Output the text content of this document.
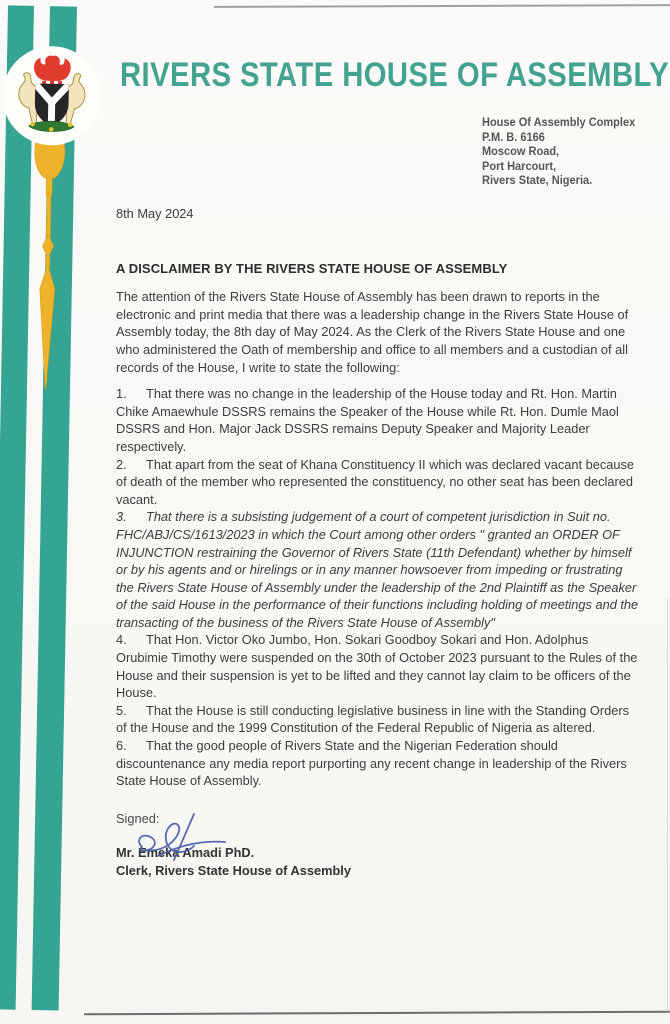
RIVERS STATE HOUSE OF ASSEMBLY
House Of Assembly Complex
P.M. B. 6166
Moscow Road,
Port Harcourt,
Rivers State, Nigeria.
8th May 2024
A DISCLAIMER BY THE RIVERS STATE HOUSE OF ASSEMBLY

The attention of the Rivers State House of Assembly has been drawn to reports in the electronic and print media that there was a leadership change in the Rivers State House of Assembly today, the 8th day of May 2024. As the Clerk of the Rivers State House and one who administered the Oath of membership and office to all members and a custodian of all records of the House, I write to state the following:

1. That there was no change in the leadership of the House today and Rt. Hon. Martin Chike Amaewhule DSSRS remains the Speaker of the House while Rt. Hon. Dumle Maol DSSRS and Hon. Major Jack DSSRS remains Deputy Speaker and Majority Leader respectively.
2. That apart from the seat of Khana Constituency II which was declared vacant because of death of the member who represented the constituency, no other seat has been declared vacant.
3. That there is a subsisting judgement of a court of competent jurisdiction in Suit no. FHC/ABJ/CS/1613/2023 in which the Court among other orders " granted an ORDER OF INJUNCTION restraining the Governor of Rivers State (11th Defendant) whether by himself or by his agents and or hirelings or in any manner howsoever from impeding or frustrating the Rivers State House of Assembly under the leadership of the 2nd Plaintiff as the Speaker of the said House in the performance of their functions including holding of meetings and the transacting of the business of the Rivers State House of Assembly"
4. That Hon. Victor Oko Jumbo, Hon. Sokari Goodboy Sokari and Hon. Adolphus Orubimie Timothy were suspended on the 30th of October 2023 pursuant to the Rules of the House and their suspension is yet to be lifted and they cannot lay claim to be officers of the House.
5. That the House is still conducting legislative business in line with the Standing Orders of the House and the 1999 Constitution of the Federal Republic of Nigeria as altered.
6. That the good people of Rivers State and the Nigerian Federation should discountenance any media report purporting any recent change in leadership of the Rivers State House of Assembly.
Signed:
Mr. Emeka Amadi PhD.
Clerk, Rivers State House of Assembly
